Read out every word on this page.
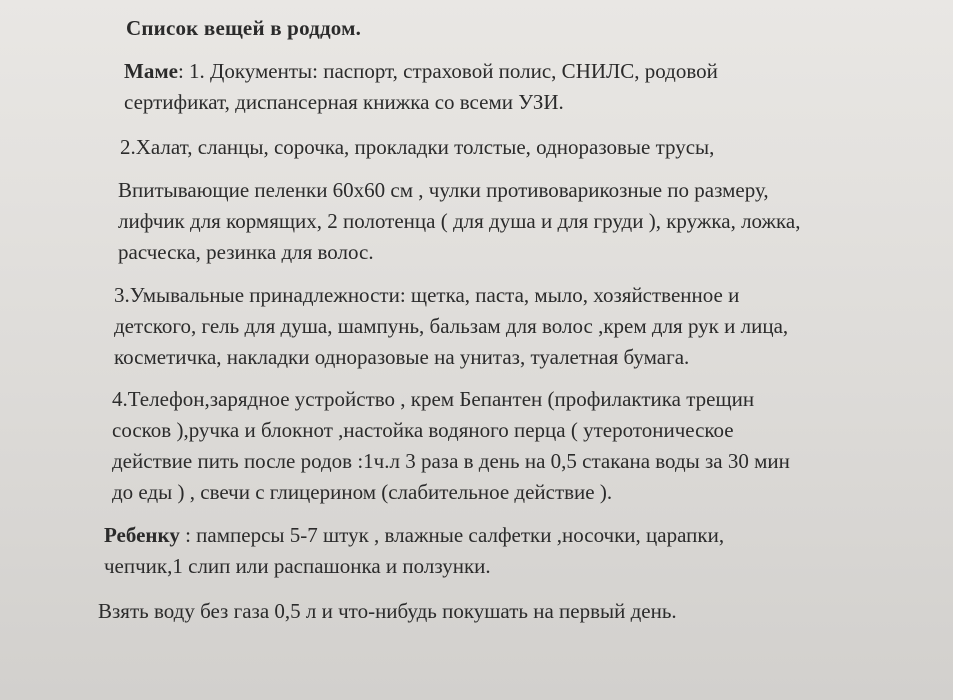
Список вещей в роддом.

Маме: 1. Документы: паспорт, страховой полис, СНИЛС, родовой
сертификат, диспансерная книжка со всеми УЗИ.

2.Халат, сланцы, сорочка, прокладки толстые, одноразовые трусы,

Впитывающие пеленки 60х60 см , чулки противоварикозные по размеру,
лифчик для кормящих, 2 полотенца ( для душа и для груди ), кружка, ложка,
расческа, резинка для волос.

3.Умывальные принадлежности: щетка, паста, мыло, хозяйственное и
детского, гель для душа, шампунь, бальзам для волос ,крем для рук и лица,
косметичка, накладки одноразовые на унитаз, туалетная бумага.

4.Телефон,зарядное устройство , крем Бепантен (профилактика трещин
сосков ),ручка и блокнот ,настойка водяного перца ( утеротоническое
действие пить после родов :1ч.л 3 раза в день на 0,5 стакана воды за 30 мин
до еды ) , свечи с глицерином (слабительное действие ).

Ребенку : памперсы 5-7 штук , влажные салфетки ,носочки, царапки,
чепчик,1 слип или распашонка и ползунки.

Взять воду без газа 0,5 л и что-нибудь покушать на первый день.
